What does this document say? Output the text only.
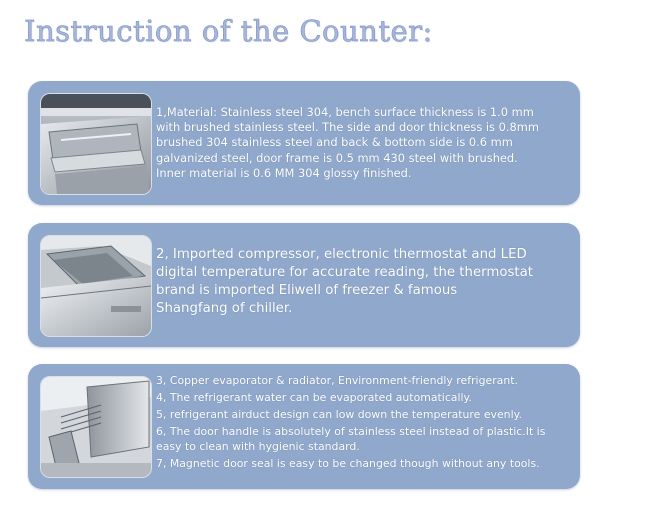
Instruction of the Counter:
1,Material: Stainless steel 304, bench surface thickness is 1.0 mm
with brushed stainless steel. The side and door thickness is 0.8mm
brushed 304 stainless steel and back & bottom side is 0.6 mm
galvanized steel, door frame is 0.5 mm 430 steel with brushed.
Inner material is 0.6 MM 304 glossy finished.
2, Imported compressor, electronic thermostat and LED
digital temperature for accurate reading, the thermostat
brand is imported Eliwell of freezer & famous
Shangfang of chiller.
3, Copper evaporator & radiator, Environment-friendly refrigerant.
4, The refrigerant water can be evaporated automatically.
5, refrigerant airduct design can low down the temperature evenly.
6, The door handle is absolutely of stainless steel instead of plastic.It is
easy to clean with hygienic standard.
7, Magnetic door seal is easy to be changed though without any tools.
